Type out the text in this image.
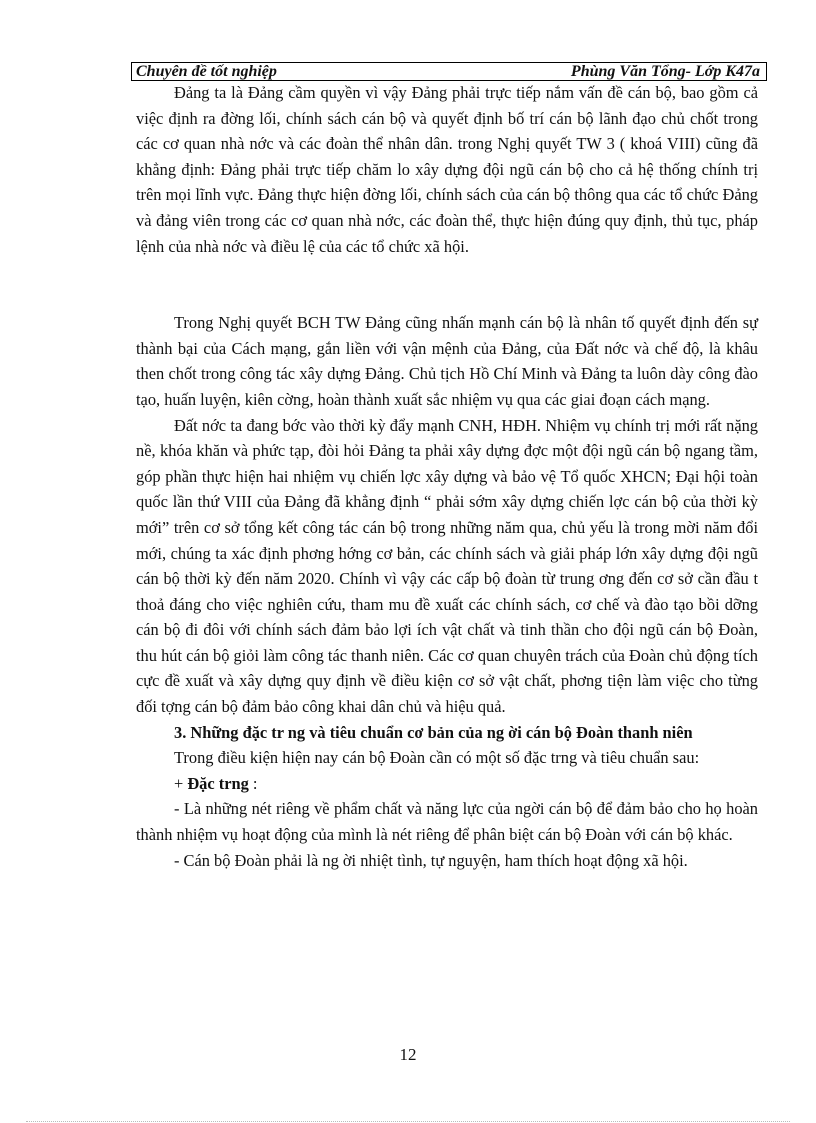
Chuyên đề tốt nghiệp	Phùng Văn Tổng- Lớp K47a

Đảng ta là Đảng cầm quyền vì vậy Đảng phải trực tiếp nắm vấn đề cán bộ, bao gồm cả việc định ra đờng lối, chính sách cán bộ và quyết định bố trí cán bộ lãnh đạo chủ chốt trong các cơ quan nhà nớc và các đoàn thể nhân dân. trong Nghị quyết TW 3 ( khoá VIII) cũng đã khẳng định: Đảng phải trực tiếp chăm lo xây dựng đội ngũ cán bộ cho cả hệ thống chính trị trên mọi lĩnh vực. Đảng thực hiện đờng lối, chính sách của cán bộ thông qua các tổ chức Đảng và đảng viên trong các cơ quan nhà nớc, các đoàn thể, thực hiện đúng quy định, thủ tục, pháp lệnh của nhà nớc và điều lệ của các tổ chức xã hội.

Trong Nghị quyết BCH TW Đảng cũng nhấn mạnh cán bộ là nhân tố quyết định đến sự thành bại của Cách mạng, gắn liền với vận mệnh của Đảng, của Đất nớc và chế độ, là khâu then chốt trong công tác xây dựng Đảng. Chủ tịch Hồ Chí Minh và Đảng ta luôn dày công đào tạo, huấn luyện, kiên cờng, hoàn thành xuất sắc nhiệm vụ qua các giai đoạn cách mạng.

Đất nớc ta đang bớc vào thời kỳ đẩy mạnh CNH, HĐH. Nhiệm vụ chính trị mới rất nặng nề, khóa khăn và phức tạp, đòi hỏi Đảng ta phải xây dựng đợc một đội ngũ cán bộ ngang tầm, góp phần thực hiện hai nhiệm vụ chiến lợc xây dựng và bảo vệ Tổ quốc XHCN; Đại hội toàn quốc lần thứ VIII của Đảng đã khẳng định “ phải sớm xây dựng chiến lợc cán bộ của thời kỳ mới” trên cơ sở tổng kết công tác cán bộ trong những năm qua, chủ yếu là trong mời năm đổi mới, chúng ta xác định phơng hớng cơ bản, các chính sách và giải pháp lớn xây dựng đội ngũ cán bộ thời kỳ đến năm 2020. Chính vì vậy các cấp bộ đoàn từ trung ơng đến cơ sở cần đầu t thoả đáng cho việc nghiên cứu, tham mu đề xuất các chính sách, cơ chế và đào tạo bồi dỡng cán bộ đi đôi với chính sách đảm bảo lợi ích vật chất và tinh thần cho đội ngũ cán bộ Đoàn, thu hút cán bộ giỏi làm công tác thanh niên. Các cơ quan chuyên trách của Đoàn chủ động tích cực đề xuất và xây dựng quy định về điều kiện cơ sở vật chất, phơng tiện làm việc cho từng đối tợng cán bộ đảm bảo công khai dân chủ và hiệu quả.

3. Những đặc tr ng và tiêu chuẩn cơ bản của ng ời cán bộ Đoàn thanh niên

Trong điều kiện hiện nay cán bộ Đoàn cần có một số đặc trng và tiêu chuẩn sau:

+ Đặc trng :

- Là những nét riêng về phẩm chất và năng lực của ngời cán bộ để đảm bảo cho họ hoàn thành nhiệm vụ hoạt động của mình là nét riêng để phân biệt cán bộ Đoàn với cán bộ khác.

- Cán bộ Đoàn phải là ng ời nhiệt tình, tự nguyện, ham thích hoạt động xã hội.

12
